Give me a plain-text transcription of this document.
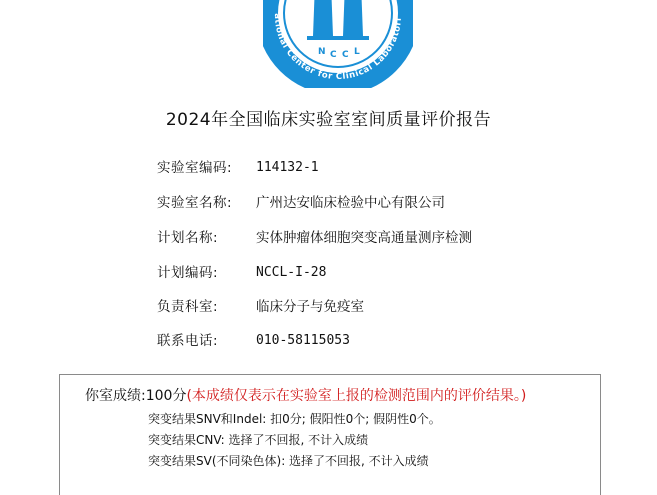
N C C L
ational Center for Clinical Laboratori
2024年全国临床实验室室间质量评价报告
实验室编码: 114132-1
实验室名称: 广州达安临床检验中心有限公司
计划名称:	实体肿瘤体细胞突变高通量测序检测
计划编码:	NCCL-I-28
负责科室:	临床分子与免疫室
联系电话:	010-58115053
你室成绩:100分(本成绩仅表示在实验室上报的检测范围内的评价结果。)
突变结果SNV和Indel: 扣0分; 假阳性0个; 假阴性0个。
突变结果CNV: 选择了不回报, 不计入成绩
突变结果SV(不同染色体): 选择了不回报, 不计入成绩
